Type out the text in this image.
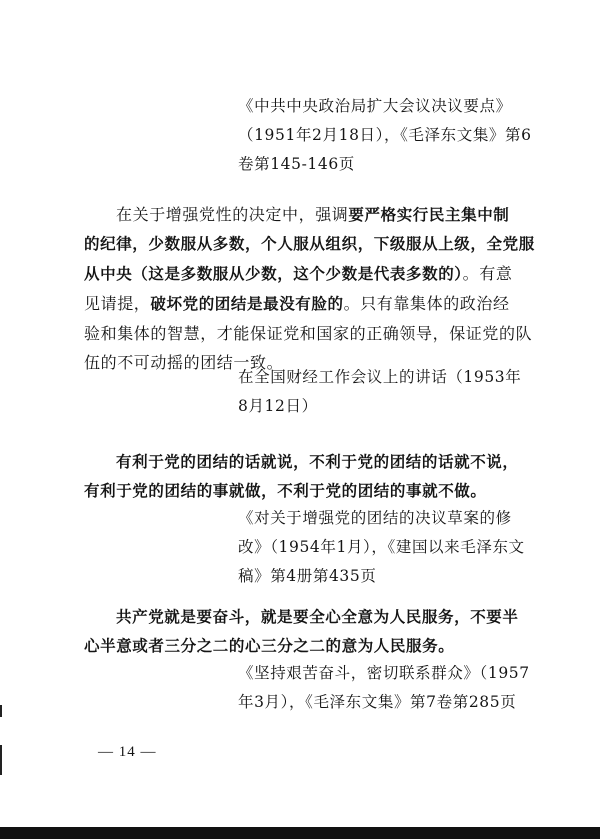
《中共中央政治局扩大会议决议要点》

（1951年2月18日），《毛泽东文集》第6

卷第145-146页

在关于增强党性的决定中，强调要严格实行民主集中制

的纪律，少数服从多数，个人服从组织，下级服从上级，全党服

从中央（这是多数服从少数，这个少数是代表多数的）。有意

见请提，破坏党的团结是最没有脸的。只有靠集体的政治经

验和集体的智慧，才能保证党和国家的正确领导，保证党的队

伍的不可动摇的团结一致。

在全国财经工作会议上的讲话（1953年

8月12日）

有利于党的团结的话就说，不利于党的团结的话就不说，

有利于党的团结的事就做，不利于党的团结的事就不做。

《对关于增强党的团结的决议草案的修

改》（1954年1月），《建国以来毛泽东文

稿》第4册第435页

共产党就是要奋斗，就是要全心全意为人民服务，不要半

心半意或者三分之二的心三分之二的意为人民服务。

《坚持艰苦奋斗，密切联系群众》（1957

年3月），《毛泽东文集》第7卷第285页

— 14 —
